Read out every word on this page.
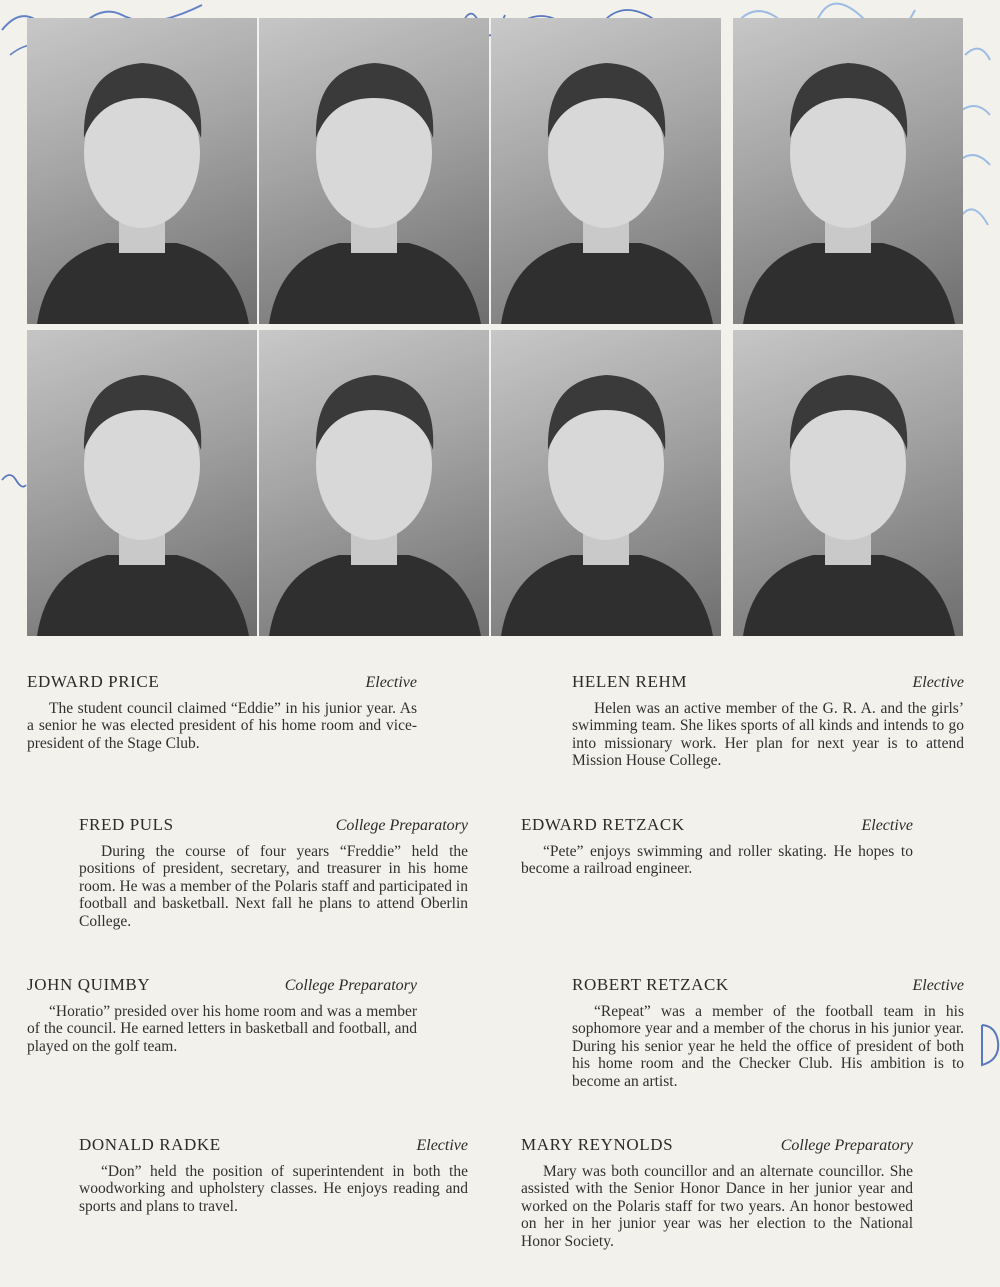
EDWARD PRICE	Elective

The student council claimed “Eddie” in his junior year. As a senior he was elected president of his home room and vice-president of the Stage Club.

HELEN REHM	Elective

Helen was an active member of the G. R. A. and the girls’ swimming team. She likes sports of all kinds and intends to go into missionary work. Her plan for next year is to attend Mission House College.

FRED PULS	College Preparatory

During the course of four years “Freddie” held the positions of president, secretary, and treasurer in his home room. He was a member of the Polaris staff and participated in football and basketball. Next fall he plans to attend Oberlin College.

EDWARD RETZACK	Elective

“Pete” enjoys swimming and roller skating. He hopes to become a railroad engineer.

JOHN QUIMBY	College Preparatory

“Horatio” presided over his home room and was a member of the council. He earned letters in basketball and football, and played on the golf team.

ROBERT RETZACK	Elective

“Repeat” was a member of the football team in his sophomore year and a member of the chorus in his junior year. During his senior year he held the office of president of both his home room and the Checker Club. His ambition is to become an artist.

DONALD RADKE	Elective

“Don” held the position of superintendent in both the woodworking and upholstery classes. He enjoys reading and sports and plans to travel.

MARY REYNOLDS	College Preparatory

Mary was both councillor and an alternate councillor. She assisted with the Senior Honor Dance in her junior year and worked on the Polaris staff for two years. An honor bestowed on her in her junior year was her election to the National Honor Society.
